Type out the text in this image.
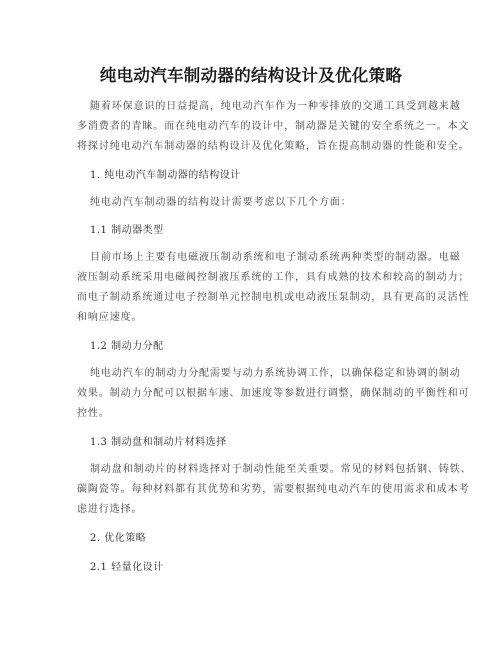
纯电动汽车制动器的结构设计及优化策略
随着环保意识的日益提高，纯电动汽车作为一种零排放的交通工具受到越来越
多消费者的青睐。而在纯电动汽车的设计中，制动器是关键的安全系统之一。本文
将探讨纯电动汽车制动器的结构设计及优化策略，旨在提高制动器的性能和安全。
1. 纯电动汽车制动器的结构设计
纯电动汽车制动器的结构设计需要考虑以下几个方面：
1.1 制动器类型
目前市场上主要有电磁液压制动系统和电子制动系统两种类型的制动器。电磁
液压制动系统采用电磁阀控制液压系统的工作，具有成熟的技术和较高的制动力；
而电子制动系统通过电子控制单元控制电机或电动液压泵制动，具有更高的灵活性
和响应速度。
1.2 制动力分配
纯电动汽车的制动力分配需要与动力系统协调工作，以确保稳定和协调的制动
效果。制动力分配可以根据车速、加速度等参数进行调整，确保制动的平衡性和可
控性。
1.3 制动盘和制动片材料选择
制动盘和制动片的材料选择对于制动性能至关重要。常见的材料包括钢、铸铁、
碳陶瓷等。每种材料都有其优势和劣势，需要根据纯电动汽车的使用需求和成本考
虑进行选择。
2. 优化策略
2.1 轻量化设计
